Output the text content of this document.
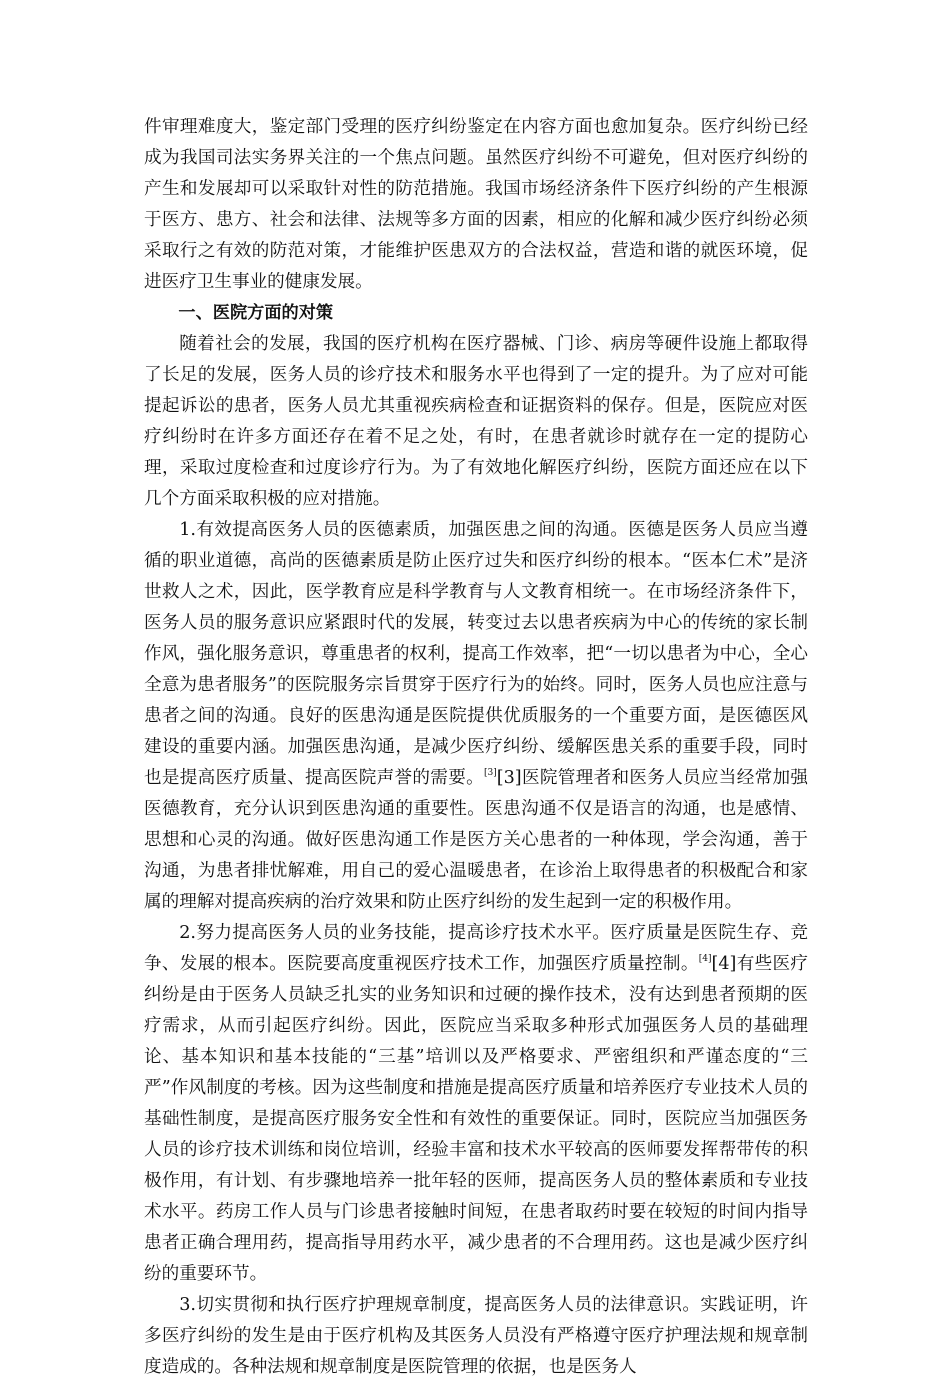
件审理难度大，鉴定部门受理的医疗纠纷鉴定在内容方面也愈加复杂。医疗纠纷已经成为我国司法实务界关注的一个焦点问题。虽然医疗纠纷不可避免，但对医疗纠纷的产生和发展却可以采取针对性的防范措施。我国市场经济条件下医疗纠纷的产生根源于医方、患方、社会和法律、法规等多方面的因素，相应的化解和减少医疗纠纷必须采取行之有效的防范对策，才能维护医患双方的合法权益，营造和谐的就医环境，促进医疗卫生事业的健康发展。

一、医院方面的对策

随着社会的发展，我国的医疗机构在医疗器械、门诊、病房等硬件设施上都取得了长足的发展，医务人员的诊疗技术和服务水平也得到了一定的提升。为了应对可能提起诉讼的患者，医务人员尤其重视疾病检查和证据资料的保存。但是，医院应对医疗纠纷时在许多方面还存在着不足之处，有时，在患者就诊时就存在一定的提防心理，采取过度检查和过度诊疗行为。为了有效地化解医疗纠纷，医院方面还应在以下几个方面采取积极的应对措施。

1.有效提高医务人员的医德素质，加强医患之间的沟通。医德是医务人员应当遵循的职业道德，高尚的医德素质是防止医疗过失和医疗纠纷的根本。“医本仁术”是济世救人之术，因此，医学教育应是科学教育与人文教育相统一。在市场经济条件下，医务人员的服务意识应紧跟时代的发展，转变过去以患者疾病为中心的传统的家长制作风，强化服务意识，尊重患者的权利，提高工作效率，把“一切以患者为中心，全心全意为患者服务”的医院服务宗旨贯穿于医疗行为的始终。同时，医务人员也应注意与患者之间的沟通。良好的医患沟通是医院提供优质服务的一个重要方面，是医德医风建设的重要内涵。加强医患沟通，是减少医疗纠纷、缓解医患关系的重要手段，同时也是提高医疗质量、提高医院声誉的需要。[3][3]医院管理者和医务人员应当经常加强医德教育，充分认识到医患沟通的重要性。医患沟通不仅是语言的沟通，也是感情、思想和心灵的沟通。做好医患沟通工作是医方关心患者的一种体现，学会沟通，善于沟通，为患者排忧解难，用自己的爱心温暖患者，在诊治上取得患者的积极配合和家属的理解对提高疾病的治疗效果和防止医疗纠纷的发生起到一定的积极作用。

2.努力提高医务人员的业务技能，提高诊疗技术水平。医疗质量是医院生存、竞争、发展的根本。医院要高度重视医疗技术工作，加强医疗质量控制。[4][4]有些医疗纠纷是由于医务人员缺乏扎实的业务知识和过硬的操作技术，没有达到患者预期的医疗需求，从而引起医疗纠纷。因此，医院应当采取多种形式加强医务人员的基础理论、基本知识和基本技能的“三基”培训以及严格要求、严密组织和严谨态度的“三严”作风制度的考核。因为这些制度和措施是提高医疗质量和培养医疗专业技术人员的基础性制度，是提高医疗服务安全性和有效性的重要保证。同时，医院应当加强医务人员的诊疗技术训练和岗位培训，经验丰富和技术水平较高的医师要发挥帮带传的积极作用，有计划、有步骤地培养一批年轻的医师，提高医务人员的整体素质和专业技术水平。药房工作人员与门诊患者接触时间短，在患者取药时要在较短的时间内指导患者正确合理用药，提高指导用药水平，减少患者的不合理用药。这也是减少医疗纠纷的重要环节。

3.切实贯彻和执行医疗护理规章制度，提高医务人员的法律意识。实践证明，许多医疗纠纷的发生是由于医疗机构及其医务人员没有严格遵守医疗护理法规和规章制度造成的。各种法规和规章制度是医院管理的依据，也是医务人
